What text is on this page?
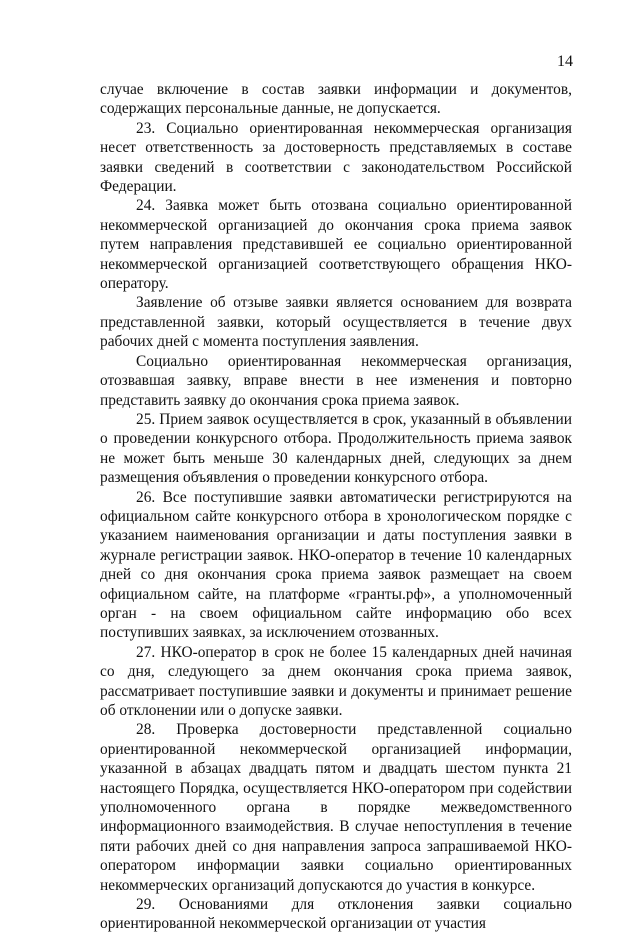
14

случае включение в состав заявки информации и документов, содержащих персональные данные, не допускается.

23. Социально ориентированная некоммерческая организация несет ответственность за достоверность представляемых в составе заявки сведений в соответствии с законодательством Российской Федерации.

24. Заявка может быть отозвана социально ориентированной некоммерческой организацией до окончания срока приема заявок путем направления представившей ее социально ориентированной некоммерческой организацией соответствующего обращения НКО-оператору.

Заявление об отзыве заявки является основанием для возврата представленной заявки, который осуществляется в течение двух рабочих дней с момента поступления заявления.

Социально ориентированная некоммерческая организация, отозвавшая заявку, вправе внести в нее изменения и повторно представить заявку до окончания срока приема заявок.

25. Прием заявок осуществляется в срок, указанный в объявлении о проведении конкурсного отбора. Продолжительность приема заявок не может быть меньше 30 календарных дней, следующих за днем размещения объявления о проведении конкурсного отбора.

26. Все поступившие заявки автоматически регистрируются на официальном сайте конкурсного отбора в хронологическом порядке с указанием наименования организации и даты поступления заявки в журнале регистрации заявок. НКО-оператор в течение 10 календарных дней со дня окончания срока приема заявок размещает на своем официальном сайте, на платформе «гранты.рф», а уполномоченный орган - на своем официальном сайте информацию обо всех поступивших заявках, за исключением отозванных.

27. НКО-оператор в срок не более 15 календарных дней начиная со дня, следующего за днем окончания срока приема заявок, рассматривает поступившие заявки и документы и принимает решение об отклонении или о допуске заявки.

28. Проверка достоверности представленной социально ориентированной некоммерческой организацией информации, указанной в абзацах двадцать пятом и двадцать шестом пункта 21 настоящего Порядка, осуществляется НКО-оператором при содействии уполномоченного органа в порядке межведомственного информационного взаимодействия. В случае непоступления в течение пяти рабочих дней со дня направления запроса запрашиваемой НКО- оператором информации заявки социально ориентированных некоммерческих организаций допускаются до участия в конкурсе.

29. Основаниями для отклонения заявки социально ориентированной некоммерческой организации от участия
